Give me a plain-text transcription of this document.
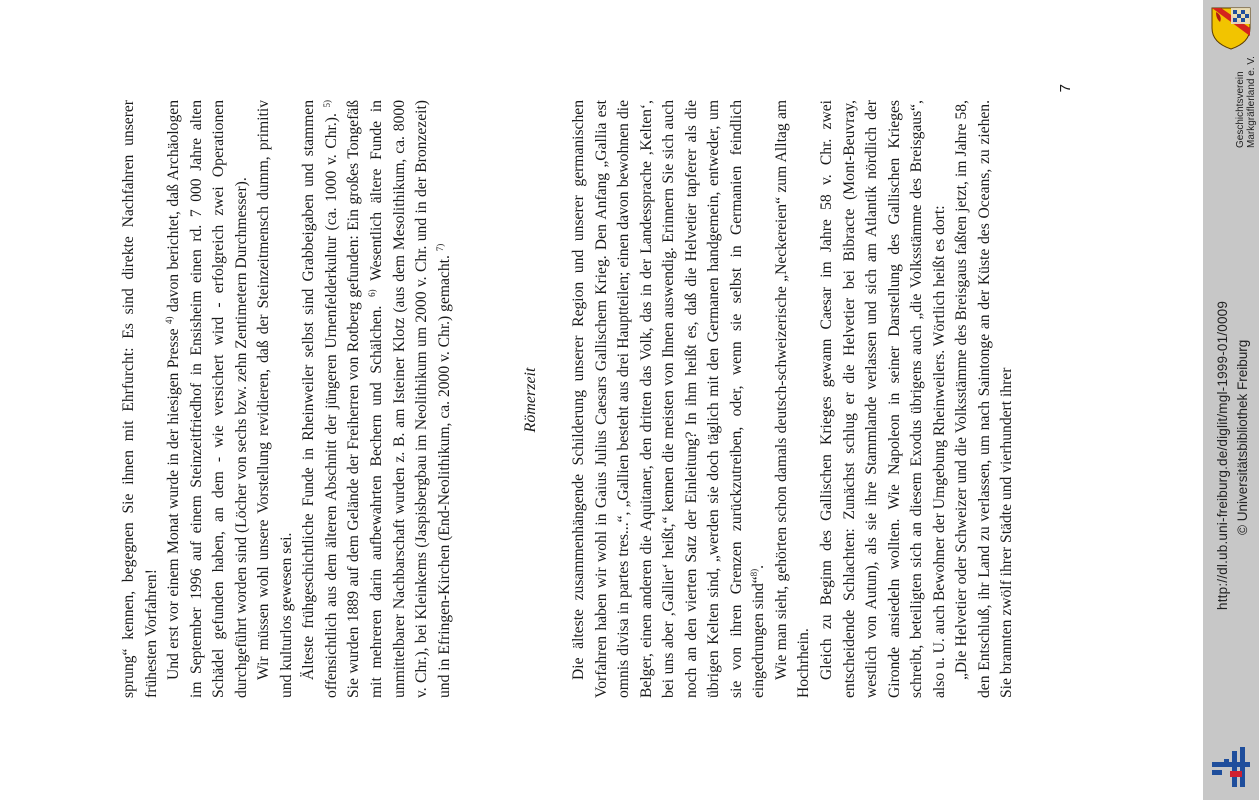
sprung“ kennen, begegnen Sie ihnen mit Ehrfurcht: Es sind direkte Nachfahren unserer frühesten Vorfahren! Und erst vor einem Monat wurde in der hiesigen Presse $^{4)}$ davon berichtet, daß Archäologen im September 1996 auf einem Steinzeitfriedhof in Ensisheim einen rd. 7 000 Jahre alten Schädel gefunden haben, an dem - wie versichert wird - erfolgreich zwei Operationen durchgeführt worden sind (Löcher von sechs bzw. zehn Zentimetern Durchmesser). Wir müssen wohl unsere Vorstellung revidieren, daß der Steinzeitmensch dumm, primitiv und kulturlos gewesen sei. Älteste frühgeschichtliche Funde in Rheinweiler selbst sind Grabbeigaben und stammen offensichtlich aus dem älteren Abschnitt der jüngeren Urnenfelderkultur (ca. 1000 v. Chr.). $^{5)}$ Sie wurden 1889 auf dem Gelände der Freiherren von Rotberg gefunden: Ein großes Tongefäß mit mehreren darin aufbewahrten Bechern und Schälchen. $^{6)}$ Wesentlich ältere Funde in unmittelbarer Nachbarschaft wurden z. B. am Isteiner Klotz (aus dem Mesolithikum, ca. 8000 v. Chr.), bei Kleinkems (Jaspisbergbau im Neolithikum um 2000 v. Chr. und in der Bronzezeit) und in Efringen-Kirchen (End-Neolithikum, ca. 2000 v. Chr.) gemacht. $^{7)}$

Römerzeit Die älteste zusammenhängende Schilderung unserer Region und unserer germanischen Vorfahren haben wir wohl in Gaius Julius Caesars Gallischem Krieg. Den Anfang „Gallia est omnis divisa in partes tres...“, „Gallien besteht aus drei Hauptteilen; einen davon bewohnen die Belger, einen anderen die Aquitaner, den dritten das Volk, das in der Landessprache ‚Kelten‘, bei uns aber ‚Gallier‘ heißt,“ kennen die meisten von Ihnen auswendig. Erinnern Sie sich auch noch an den vierten Satz der Einleitung? In ihm heißt es, daß die Helvetier tapferer als die übrigen Kelten sind, „werden sie doch täglich mit den Germanen handgemein, entweder, um sie von ihren Grenzen zurückzutreiben, oder, wenn sie selbst in Germanien feindlich eingedrungen sind“$^{8)}$. Wie man sieht, gehörten schon damals deutsch-schweizerische „Neckereien“ zum Alltag am Hochrhein. Gleich zu Beginn des Gallischen Krieges gewann Caesar im Jahre 58 v. Chr. zwei entscheidende Schlachten: Zunächst schlug er die Helvetier bei Bibracte (Mont-Beuvray, westlich von Autun), als sie ihre Stammlande verlassen und sich am Atlantik nördlich der Gironde ansiedeln wollten. Wie Napoleon in seiner Darstellung des Gallischen Krieges schreibt, beteiligten sich an diesem Exodus übrigens auch „die Volksstämme des Breisgaus“, also u. U. auch Bewohner der Umgebung Rheinweilers. Wörtlich heißt es dort: „Die Helvetier oder Schweizer und die Volksstämme des Breisgaus faßten jetzt, im Jahre 58, den Entschluß, ihr Land zu verlassen, um nach Saintonge an der Küste des Oceans, zu ziehen. Sie brannten zwölf ihrer Städte und vierhundert ihrer

7
http://dl.ub.uni-freiburg.de/diglit/mgl-1999-01/0009 © Universitätsbibliothek Freiburg
Geschichtsverein Markgräflerland e. V.
